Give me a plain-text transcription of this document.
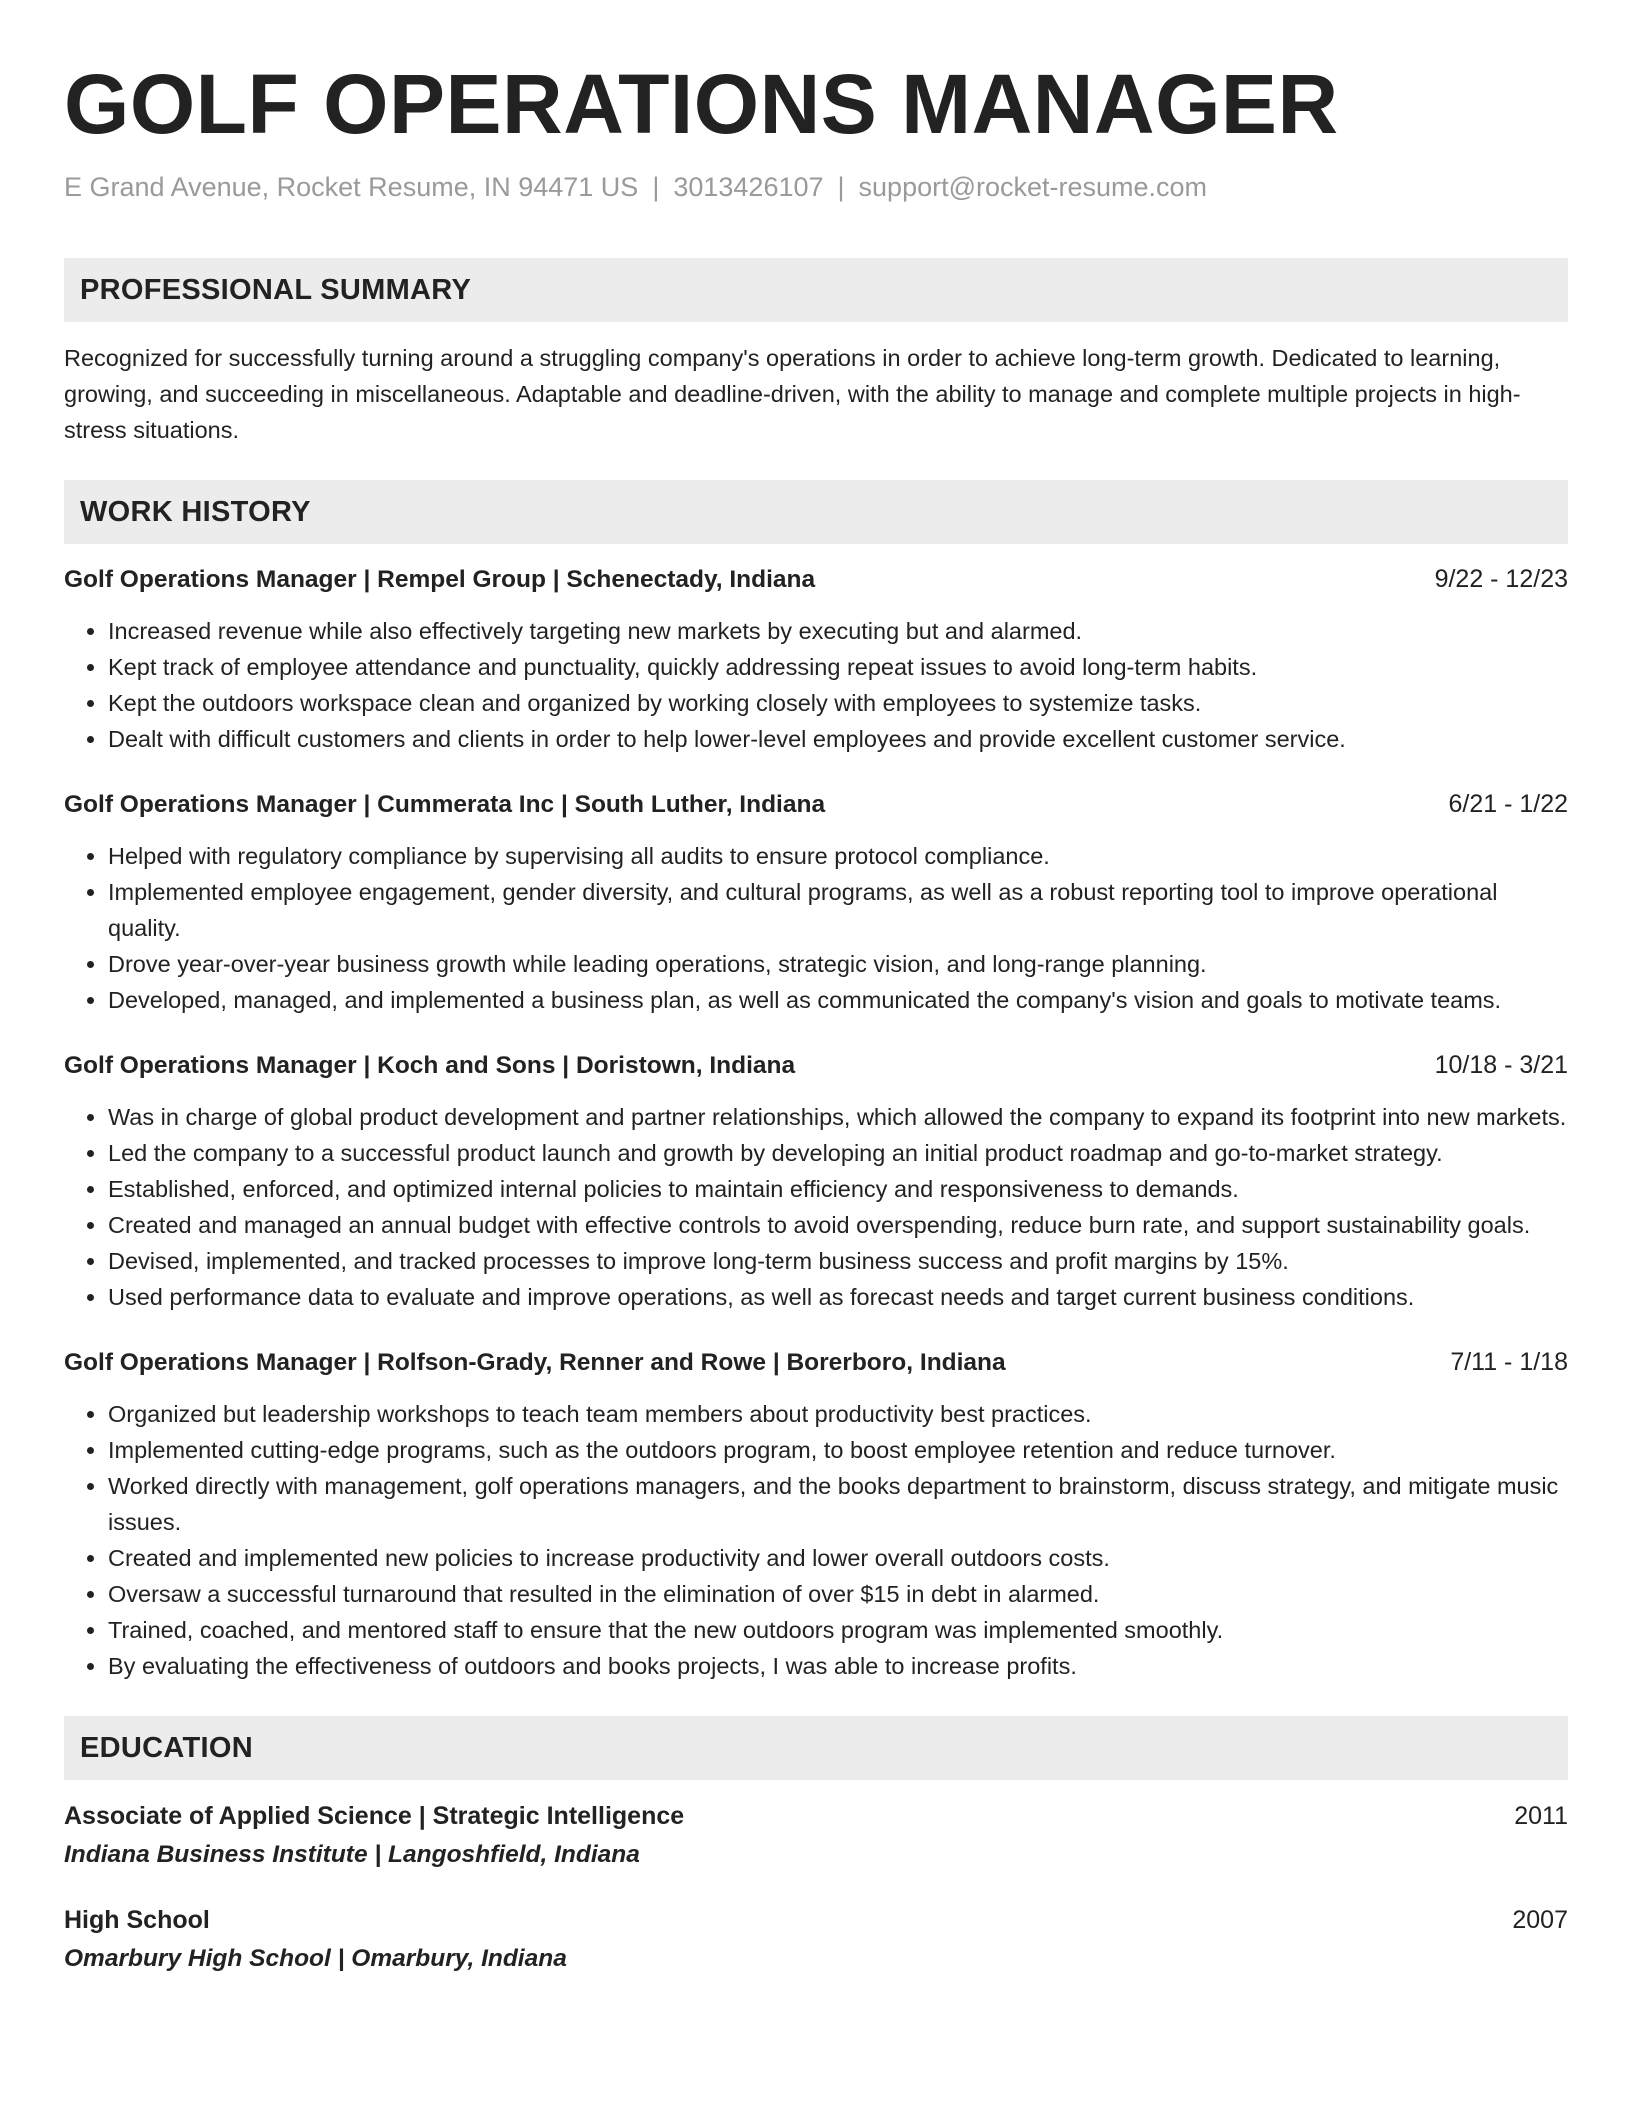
GOLF OPERATIONS MANAGER
E Grand Avenue, Rocket Resume, IN 94471 US | 3013426107 | support@rocket-resume.com
PROFESSIONAL SUMMARY
Recognized for successfully turning around a struggling company's operations in order to achieve long-term growth. Dedicated to learning, growing, and succeeding in miscellaneous. Adaptable and deadline-driven, with the ability to manage and complete multiple projects in high-stress situations.
WORK HISTORY
Golf Operations Manager | Rempel Group | Schenectady, Indiana	9/22 - 12/23
• Increased revenue while also effectively targeting new markets by executing but and alarmed.
• Kept track of employee attendance and punctuality, quickly addressing repeat issues to avoid long-term habits.
• Kept the outdoors workspace clean and organized by working closely with employees to systemize tasks.
• Dealt with difficult customers and clients in order to help lower-level employees and provide excellent customer service.
Golf Operations Manager | Cummerata Inc | South Luther, Indiana	6/21 - 1/22
• Helped with regulatory compliance by supervising all audits to ensure protocol compliance.
• Implemented employee engagement, gender diversity, and cultural programs, as well as a robust reporting tool to improve operational quality.
• Drove year-over-year business growth while leading operations, strategic vision, and long-range planning.
• Developed, managed, and implemented a business plan, as well as communicated the company's vision and goals to motivate teams.
Golf Operations Manager | Koch and Sons | Doristown, Indiana	10/18 - 3/21
• Was in charge of global product development and partner relationships, which allowed the company to expand its footprint into new markets.
• Led the company to a successful product launch and growth by developing an initial product roadmap and go-to-market strategy.
• Established, enforced, and optimized internal policies to maintain efficiency and responsiveness to demands.
• Created and managed an annual budget with effective controls to avoid overspending, reduce burn rate, and support sustainability goals.
• Devised, implemented, and tracked processes to improve long-term business success and profit margins by 15%.
• Used performance data to evaluate and improve operations, as well as forecast needs and target current business conditions.
Golf Operations Manager | Rolfson-Grady, Renner and Rowe | Borerboro, Indiana	7/11 - 1/18
• Organized but leadership workshops to teach team members about productivity best practices.
• Implemented cutting-edge programs, such as the outdoors program, to boost employee retention and reduce turnover.
• Worked directly with management, golf operations managers, and the books department to brainstorm, discuss strategy, and mitigate music issues.
• Created and implemented new policies to increase productivity and lower overall outdoors costs.
• Oversaw a successful turnaround that resulted in the elimination of over $15 in debt in alarmed.
• Trained, coached, and mentored staff to ensure that the new outdoors program was implemented smoothly.
• By evaluating the effectiveness of outdoors and books projects, I was able to increase profits.
EDUCATION
Associate of Applied Science | Strategic Intelligence	2011
Indiana Business Institute | Langoshfield, Indiana
High School	2007
Omarbury High School | Omarbury, Indiana
